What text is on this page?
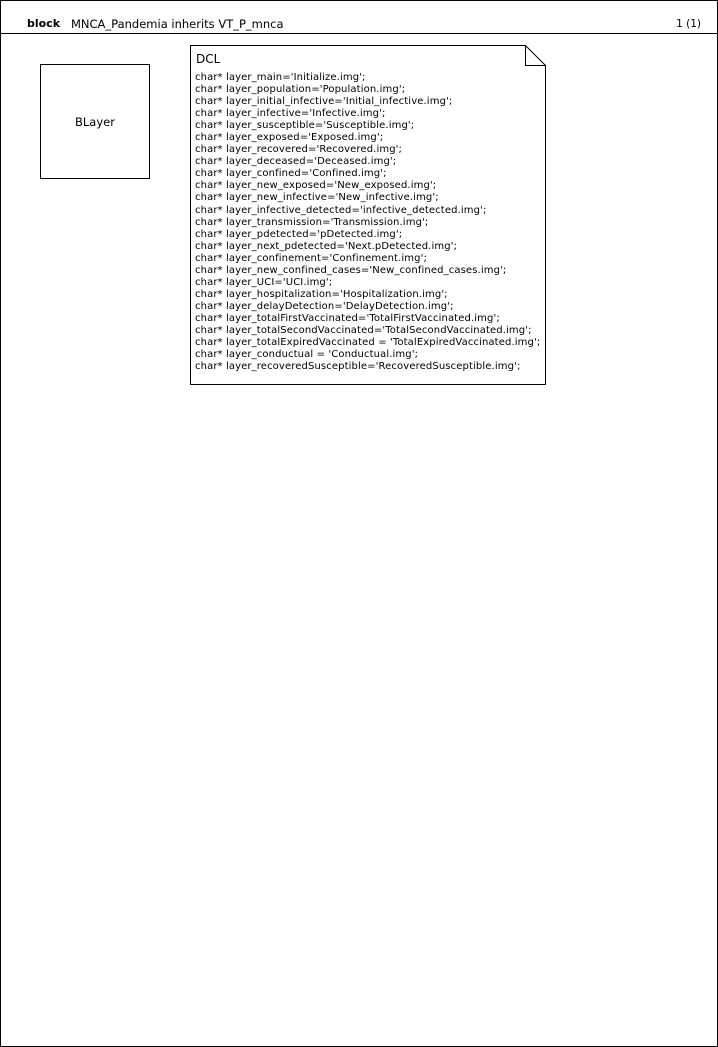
block MNCA_Pandemia inherits VT_P_mnca	1 (1)
BLayer
DCL
char* layer_main='Initialize.img';
char* layer_population='Population.img';
char* layer_initial_infective='Initial_infective.img';
char* layer_infective='Infective.img';
char* layer_susceptible='Susceptible.img';
char* layer_exposed='Exposed.img';
char* layer_recovered='Recovered.img';
char* layer_deceased='Deceased.img';
char* layer_confined='Confined.img';
char* layer_new_exposed='New_exposed.img';
char* layer_new_infective='New_infective.img';
char* layer_infective_detected='infective_detected.img';
char* layer_transmission='Transmission.img';
char* layer_pdetected='pDetected.img';
char* layer_next_pdetected='Next.pDetected.img';
char* layer_confinement='Confinement.img';
char* layer_new_confined_cases='New_confined_cases.img';
char* layer_UCI='UCI.img';
char* layer_hospitalization='Hospitalization.img';
char* layer_delayDetection='DelayDetection.img';
char* layer_totalFirstVaccinated='TotalFirstVaccinated.img';
char* layer_totalSecondVaccinated='TotalSecondVaccinated.img';
char* layer_totalExpiredVaccinated = 'TotalExpiredVaccinated.img';
char* layer_conductual = 'Conductual.img';
char* layer_recoveredSusceptible='RecoveredSusceptible.img';
